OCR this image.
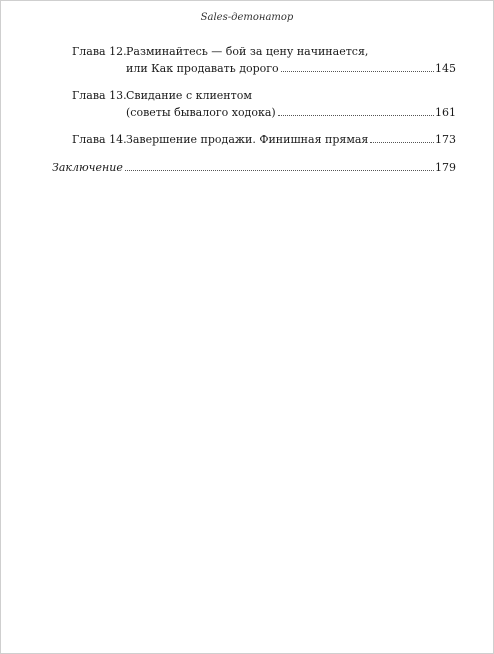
Sales-детонатор
Глава 12. Разминайтесь — бой за цену начинается,
или Как продавать дорого	145
Глава 13. Свидание с клиентом
(советы бывалого ходока)	161
Глава 14. Завершение продажи. Финишная прямая	173
Заключение	179
